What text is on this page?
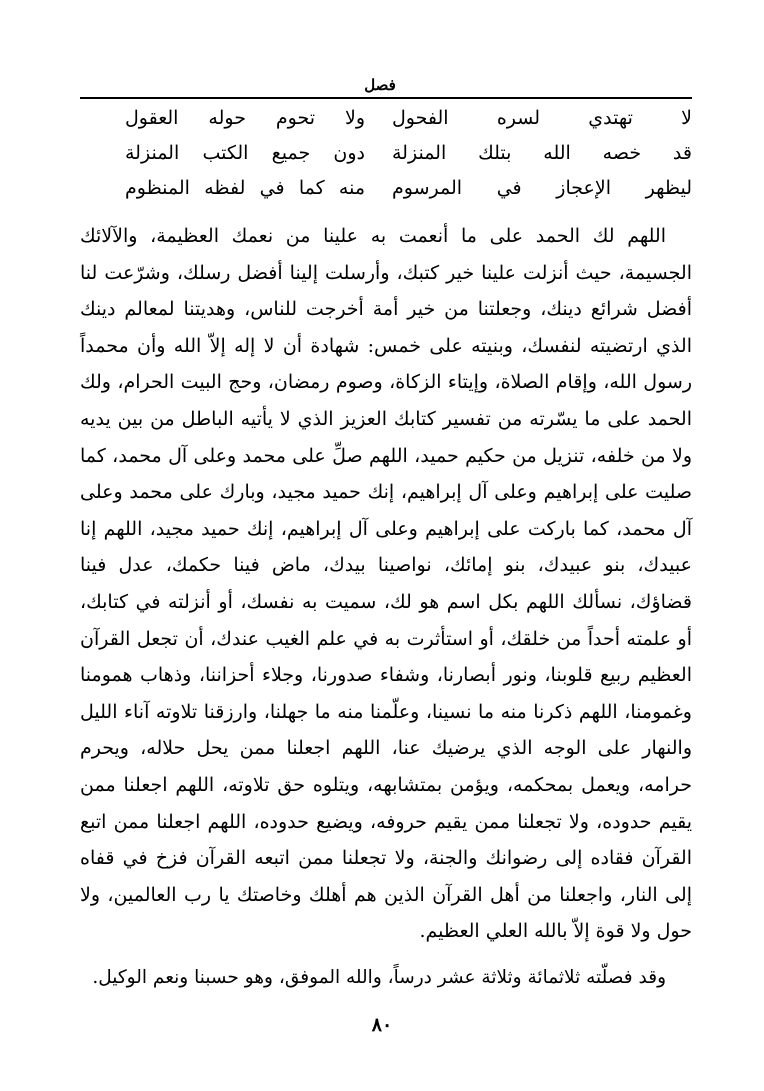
فصل
لا تهتدي لسره الفحول
ولا تحوم حوله العقول
قد خصه الله بتلك المنزلة
دون جميع الكتب المنزلة
ليظهر الإعجاز في المرسوم
منه كما في لفظه المنظوم
اللهم لك الحمد على ما أنعمت به علينا من نعمك العظيمة، والآلائك الجسيمة، حيث أنزلت علينا خير كتبك، وأرسلت إلينا أفضل رسلك، وشرّعت لنا أفضل شرائع دينك، وجعلتنا من خير أمة أخرجت للناس، وهديتنا لمعالم دينك الذي ارتضيته لنفسك، وبنيته على خمس: شهادة أن لا إله إلاّ الله وأن محمداً رسول الله، وإقام الصلاة، وإيتاء الزكاة، وصوم رمضان، وحج البيت الحرام، ولك الحمد على ما يسّرته من تفسير كتابك العزيز الذي لا يأتيه الباطل من بين يديه ولا من خلفه، تنزيل من حكيم حميد، اللهم صلِّ على محمد وعلى آل محمد، كما صليت على إبراهيم وعلى آل إبراهيم، إنك حميد مجيد، وبارك على محمد وعلى آل محمد، كما باركت على إبراهيم وعلى آل إبراهيم، إنك حميد مجيد، اللهم إنا عبيدك، بنو عبيدك، بنو إمائك، نواصينا بيدك، ماض فينا حكمك، عدل فينا قضاؤك، نسألك اللهم بكل اسم هو لك، سميت به نفسك، أو أنزلته في كتابك، أو علمته أحداً من خلقك، أو استأثرت به في علم الغيب عندك، أن تجعل القرآن العظيم ربيع قلوبنا، ونور أبصارنا، وشفاء صدورنا، وجلاء أحزاننا، وذهاب همومنا وغمومنا، اللهم ذكرنا منه ما نسينا، وعلّمنا منه ما جهلنا، وارزقنا تلاوته آناء الليل والنهار على الوجه الذي يرضيك عنا، اللهم اجعلنا ممن يحل حلاله، ويحرم حرامه، ويعمل بمحكمه، ويؤمن بمتشابهه، ويتلوه حق تلاوته، اللهم اجعلنا ممن يقيم حدوده، ولا تجعلنا ممن يقيم حروفه، ويضيع حدوده، اللهم اجعلنا ممن اتبع القرآن فقاده إلى رضوانك والجنة، ولا تجعلنا ممن اتبعه القرآن فزخ في قفاه إلى النار، واجعلنا من أهل القرآن الذين هم أهلك وخاصتك يا رب العالمين، ولا حول ولا قوة إلاّ بالله العلي العظيم.
وقد فصلّته ثلاثمائة وثلاثة عشر درساً، والله الموفق، وهو حسبنا ونعم الوكيل.
٨٠
